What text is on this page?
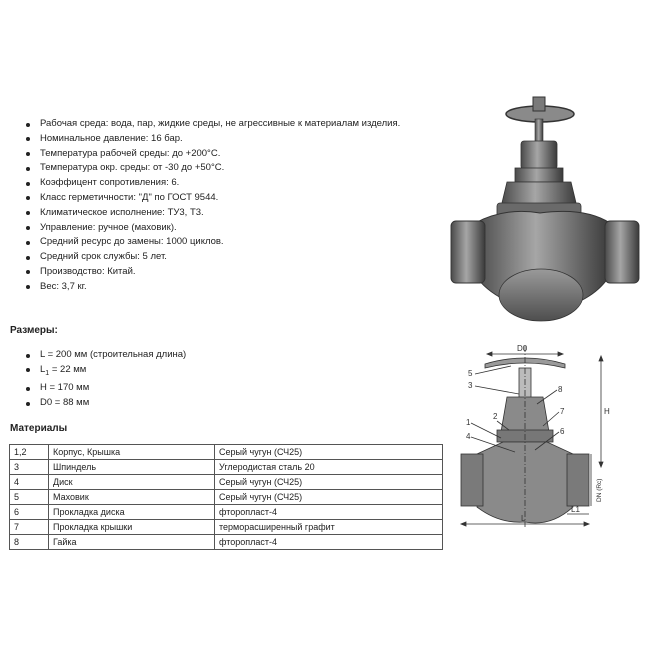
Рабочая среда: вода, пар, жидкие среды, не агрессивные к материалам изделия.
Номинальное давление: 16 бар.
Температура рабочей среды: до +200°С.
Температура окр. среды: от -30 до +50°С.
Коэффицент сопротивления: 6.
Класс герметичности: "Д" по ГОСТ 9544.
Климатическое исполнение: ТУ3, Т3.
Управление: ручное (маховик).
Средний ресурс до замены: 1000 циклов.
Средний срок службы: 5 лет.
Производство: Китай.
Вес: 3,7 кг.
Размеры:
L = 200 мм (строительная длина)
$L_1 = 22$ мм
H = 170 мм
D0 = 88 мм
Материалы
1,2	Корпус, Крышка	Серый чугун (СЧ25)
3	Шпиндель	Углеродистая сталь 20
4	Диск	Серый чугун (СЧ25)
5	Маховик	Серый чугун (СЧ25)
6	Прокладка диска	фторопласт-4
7	Прокладка крышки	терморасширенный графит
8	Гайка	фторопласт-4
D0
H
DN (Rc)
L
L1
5
3
2
1
4
8
7
6
